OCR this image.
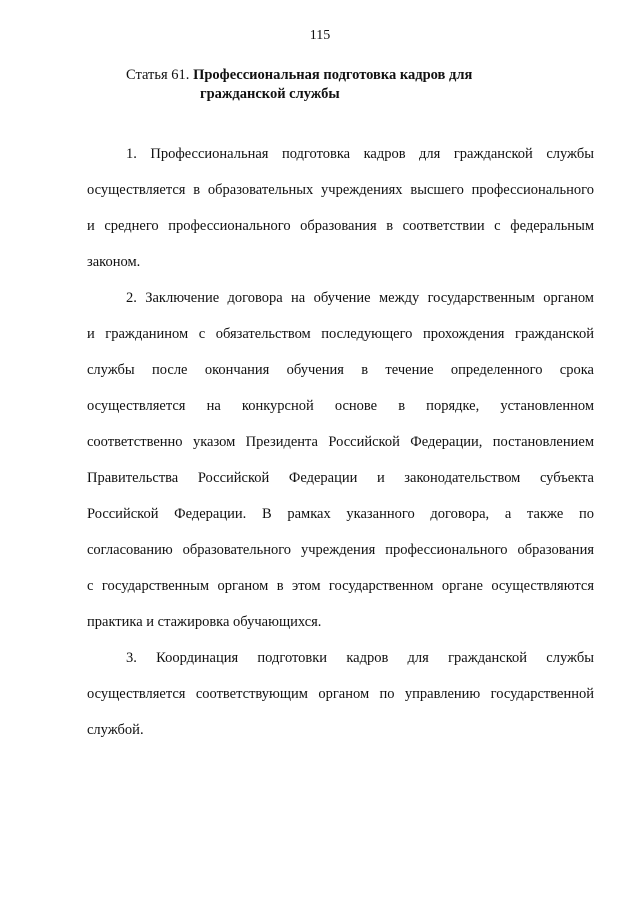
115
Статья 61. Профессиональная подготовка кадров для
гражданской службы

1. Профессиональная подготовка кадров для гражданской службы
осуществляется в образовательных учреждениях высшего профессионального
и среднего профессионального образования в соответствии с федеральным
законом.

2. Заключение договора на обучение между государственным органом
и гражданином с обязательством последующего прохождения гражданской
службы после окончания обучения в течение определенного срока
осуществляется на конкурсной основе в порядке, установленном
соответственно указом Президента Российской Федерации, постановлением
Правительства Российской Федерации и законодательством субъекта
Российской Федерации. В рамках указанного договора, а также по
согласованию образовательного учреждения профессионального образования
с государственным органом в этом государственном органе осуществляются
практика и стажировка обучающихся.

3. Координация подготовки кадров для гражданской службы
осуществляется соответствующим органом по управлению государственной
службой.
